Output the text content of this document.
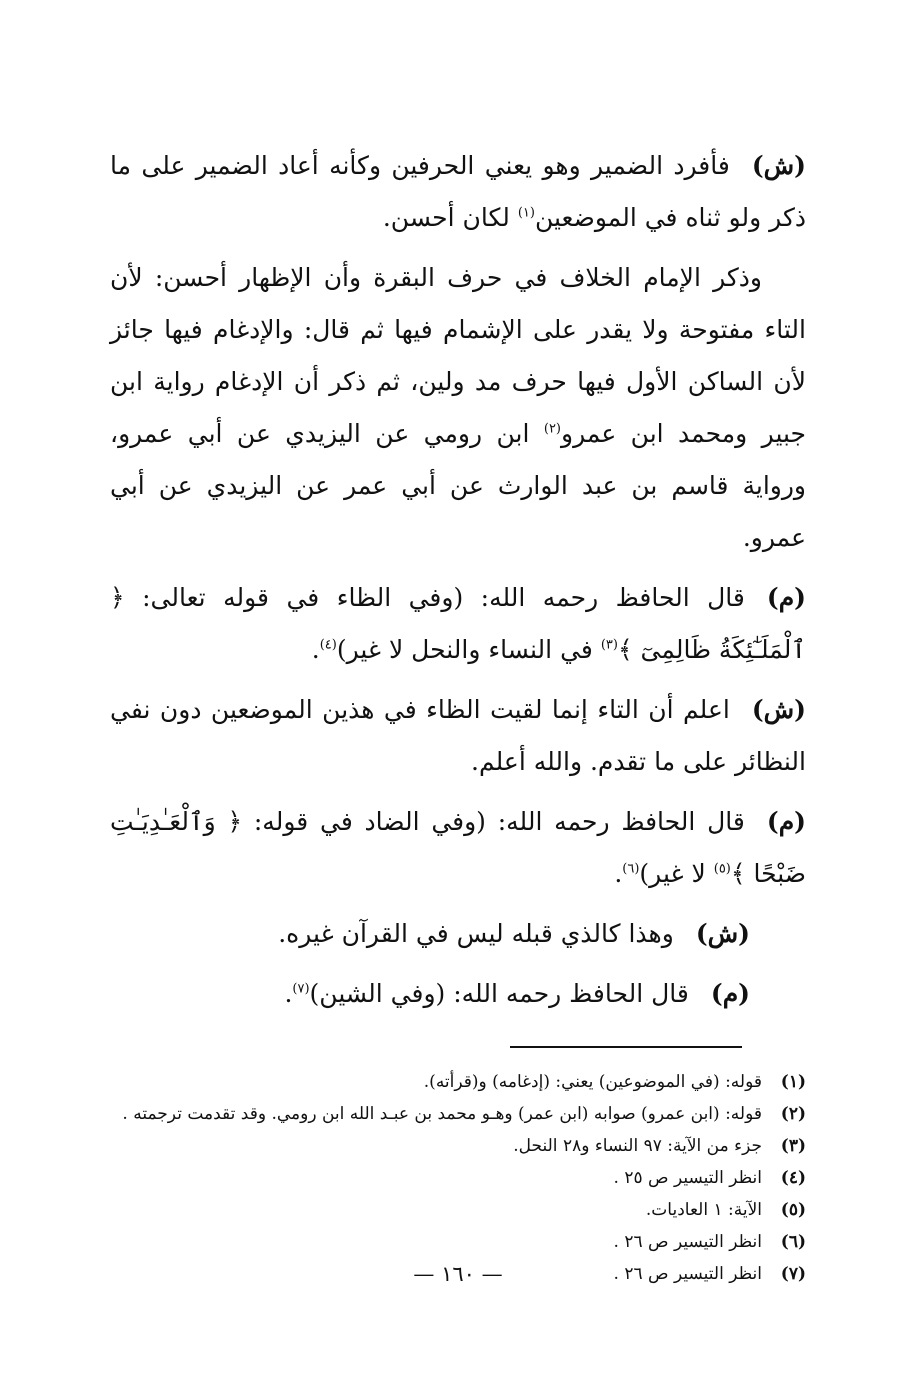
(ش)فأفرد الضمير وهو يعني الحرفين وكأنه أعاد الضمير على ما ذكر ولو ثناه في الموضعين$^{(١)}$ لكان أحسن.

وذكر الإمام الخلاف في حرف البقرة وأن الإظهار أحسن: لأن التاء مفتوحة ولا يقدر على الإشمام فيها ثم قال: والإدغام فيها جائز لأن الساكن الأول فيها حرف مد ولين، ثم ذكر أن الإدغام رواية ابن جبير ومحمد ابن عمرو$^{(٢)}$ ابن رومي عن اليزيدي عن أبي عمرو، ورواية قاسم بن عبد الوارث عن أبي عمر عن اليزيدي عن أبي عمرو.

(م)قال الحافظ رحمه الله: (وفي الظاء في قوله تعالى: ﴿ ٱلْمَلَـٰٓئِكَةُ ظَالِمِىٓ ﴾$^{(٣)}$ في النساء والنحل لا غير)$^{(٤)}$.

(ش)اعلم أن التاء إنما لقيت الظاء في هذين الموضعين دون نفي النظائر على ما تقدم. والله أعلم.

(م)قال الحافظ رحمه الله: (وفي الضاد في قوله: ﴿ وَٱلْعَـٰدِيَـٰتِ ضَبْحًا ﴾$^{(٥)}$ لا غير)$^{(٦)}$.

(ش)وهذا كالذي قبله ليس في القرآن غيره.

(م)قال الحافظ رحمه الله: (وفي الشين)$^{(٧)}$.

(١)
قوله: (في الموضوعين) يعني: (إدغامه) و(قرأته).
(٢)
قوله: (ابن عمرو) صوابه (ابن عمر) وهـو محمد بن عبـد الله ابن رومي. وقد تقدمت ترجمته .
(٣)
جزء من الآية: ٩٧ النساء و٢٨ النحل.
(٤)
انظر التيسير ص ٢٥ .
(٥)
الآية: ١ العاديات.
(٦)
انظر التيسير ص ٢٦ .
(٧)
انظر التيسير ص ٢٦ .
— ١٦٠ —
